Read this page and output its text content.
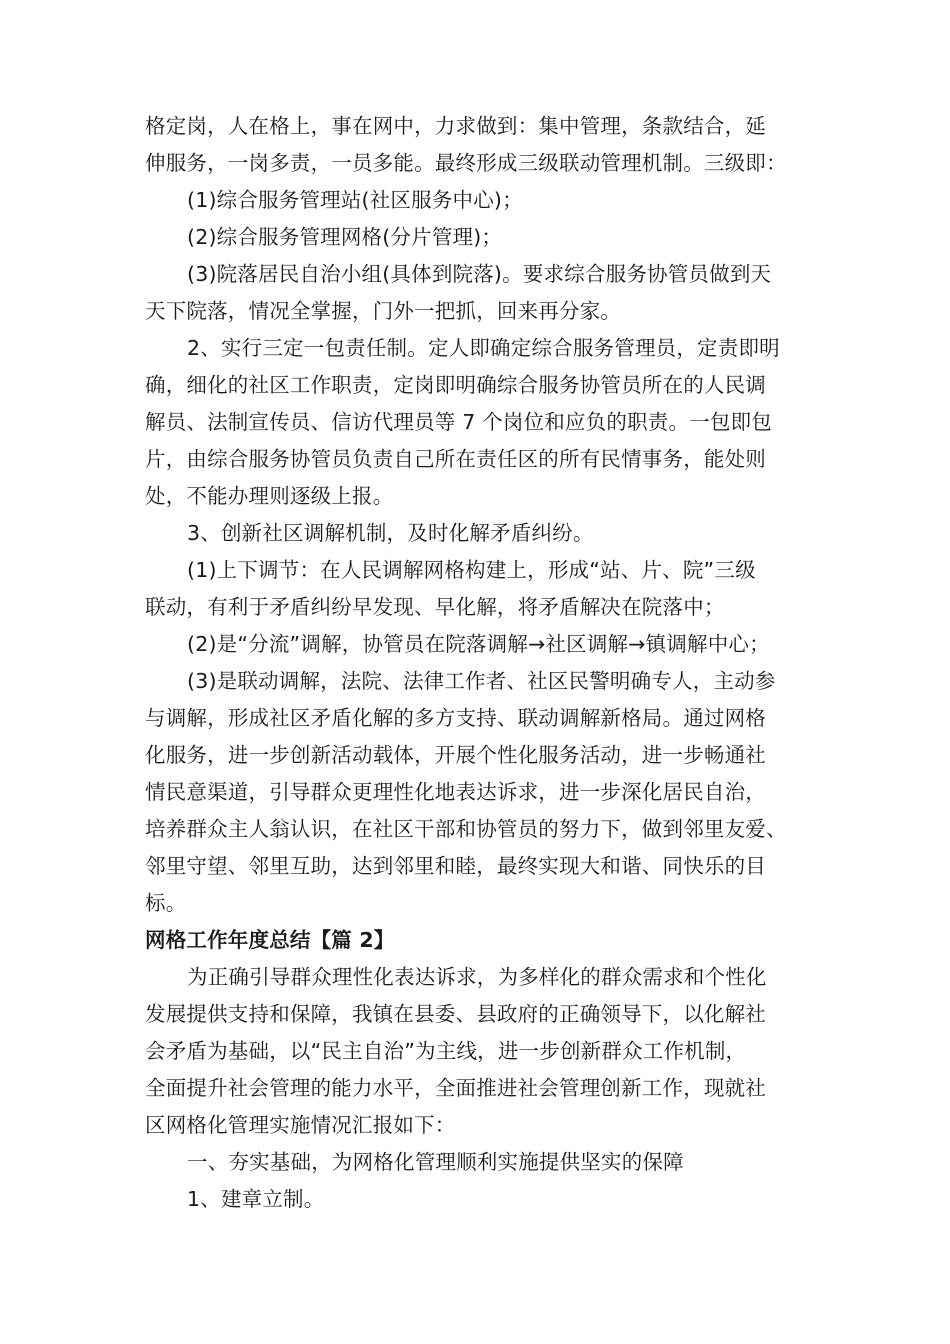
格定岗，人在格上，事在网中，力求做到：集中管理，条款结合，延
伸服务，一岗多责，一员多能。最终形成三级联动管理机制。三级即：
(1)综合服务管理站(社区服务中心)；
(2)综合服务管理网格(分片管理)；
(3)院落居民自治小组(具体到院落)。要求综合服务协管员做到天
天下院落，情况全掌握，门外一把抓，回来再分家。
2、实行三定一包责任制。定人即确定综合服务管理员，定责即明
确，细化的社区工作职责，定岗即明确综合服务协管员所在的人民调
解员、法制宣传员、信访代理员等 7 个岗位和应负的职责。一包即包
片，由综合服务协管员负责自己所在责任区的所有民情事务，能处则
处，不能办理则逐级上报。
3、创新社区调解机制，及时化解矛盾纠纷。
(1)上下调节：在人民调解网格构建上，形成“站、片、院”三级
联动，有利于矛盾纠纷早发现、早化解，将矛盾解决在院落中；
(2)是“分流”调解，协管员在院落调解→社区调解→镇调解中心；
(3)是联动调解，法院、法律工作者、社区民警明确专人，主动参
与调解，形成社区矛盾化解的多方支持、联动调解新格局。通过网格
化服务，进一步创新活动载体，开展个性化服务活动，进一步畅通社
情民意渠道，引导群众更理性化地表达诉求，进一步深化居民自治，
培养群众主人翁认识，在社区干部和协管员的努力下，做到邻里友爱、
邻里守望、邻里互助，达到邻里和睦，最终实现大和谐、同快乐的目
标。
网格工作年度总结【篇 2】
为正确引导群众理性化表达诉求，为多样化的群众需求和个性化
发展提供支持和保障，我镇在县委、县政府的正确领导下，以化解社
会矛盾为基础，以“民主自治”为主线，进一步创新群众工作机制，
全面提升社会管理的能力水平，全面推进社会管理创新工作，现就社
区网格化管理实施情况汇报如下：
一、夯实基础，为网格化管理顺利实施提供坚实的保障
1、建章立制。
